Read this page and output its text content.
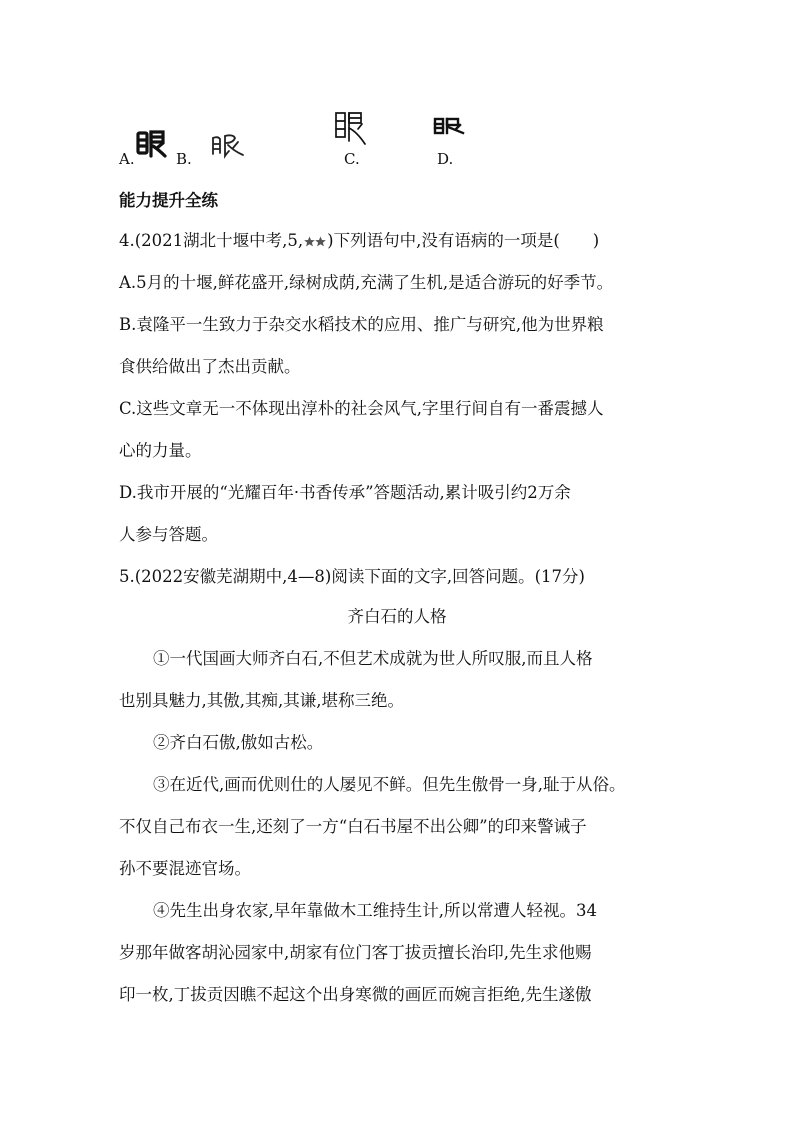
A.	B.	C.	D.
能力提升全练
4.(2021湖北十堰中考,5, )下列语句中,没有语病的一项是(　　)
A.5月的十堰,鲜花盛开,绿树成荫,充满了生机,是适合游玩的好季节。
B.袁隆平一生致力于杂交水稻技术的应用、推广与研究,他为世界粮
食供给做出了杰出贡献。
C.这些文章无一不体现出淳朴的社会风气,字里行间自有一番震撼人
心的力量。
D.我市开展的“光耀百年·书香传承”答题活动,累计吸引约2万余
人参与答题。
5.(2022安徽芜湖期中,4—8)阅读下面的文字,回答问题。(17分)
齐白石的人格
①一代国画大师齐白石,不但艺术成就为世人所叹服,而且人格
也别具魅力,其傲,其痴,其谦,堪称三绝。
②齐白石傲,傲如古松。
③在近代,画而优则仕的人屡见不鲜。但先生傲骨一身,耻于从俗。
不仅自己布衣一生,还刻了一方“白石书屋不出公卿”的印来警诫子
孙不要混迹官场。
④先生出身农家,早年靠做木工维持生计,所以常遭人轻视。34
岁那年做客胡沁园家中,胡家有位门客丁拔贡擅长治印,先生求他赐
印一枚,丁拔贡因瞧不起这个出身寒微的画匠而婉言拒绝,先生遂傲
